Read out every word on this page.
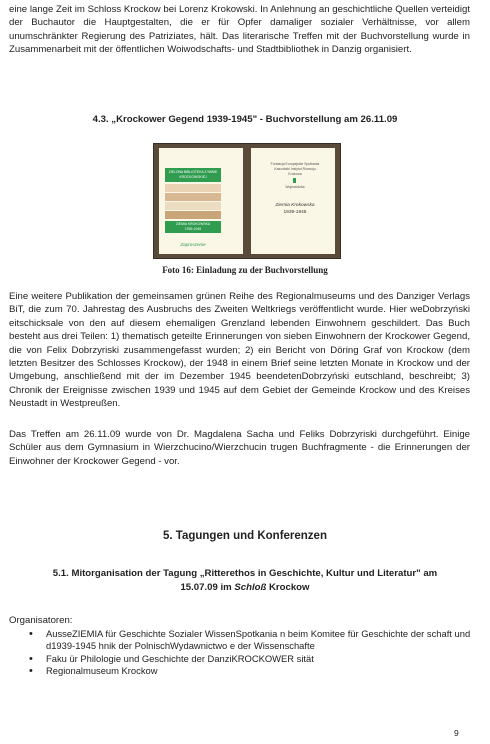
eine lange Zeit im Schloss Krockow bei Lorenz Krokowski. In Anlehnung an geschichtliche Quellen verteidigt der Buchautor die Hauptgestalten, die er für Opfer damaliger sozialer Verhältnisse, vor allem unumschränkter Regierung des Patriziates, hält. Das literarische Treffen mit der Buchvorstellung wurde in Zusammenarbeit mit der öffentlichen Woiwodschafts- und Stadtbibliothek in Danzig organisiert.

4.3. „Krockower Gegend 1939-1945" - Buchvorstellung am 26.11.09

ZIELONA BIBLIOTEKA Z NIWIE
KROCKOWSKIEJ
ZIEMIA KROKOWSKA
1939-1945
Zaproszenie
Fundacja Europejskie Spotkania
Kaszubski Instytut Rozwoju
Krokowa
Wojewódzka
Ziemia Krokowska
1939-1945

Foto 16: Einladung zu der Buchvorstellung

Eine weitere Publikation der gemeinsamen grünen Reihe des Regionalmuseums und des Danziger Verlags BiT, die zum 70. Jahrestag des Ausbruchs des Zweiten Weltkriegs veröffentlicht wurde. Hier weDobrzyński eitschicksale von den auf diesem ehemaligen Grenzland lebenden Einwohnern geschildert. Das Buch besteht aus drei Teilen: 1) thematisch geteilte Erinnerungen von sieben Einwohnern der Krockower Gegend, die von Felix Dobrzyriski zusammengefasst wurden; 2) ein Bericht von Döring Graf von Krockow (dem letzten Besitzer des Schlosses Krockow), der 1948 in einem Brief seine letzten Monate in Krockow und der Umgebung, anschließend mit der im Dezember 1945 beendetenDobrzyński eutschland, beschreibt; 3) Chronik der Ereignisse zwischen 1939 und 1945 auf dem Gebiet der Gemeinde Krockow und des Kreises Neustadt in Westpreußen.

Das Treffen am 26.11.09 wurde von Dr. Magdalena Sacha und Feliks Dobrzyriski durchgeführt. Einige Schüler aus dem Gymnasium in Wierzchucino/Wierzchucin trugen Buchfragmente - die Erinnerungen der Einwohner der Krockower Gegend - vor.

5. Tagungen und Konferenzen

5.1. Mitorganisation der Tagung „Ritterethos in Geschichte, Kultur und Literatur" am

15.07.09 im Schloß Krockow

Organisatoren:

• AusseZIEMIA für Geschichte Sozialer WissenSpotkania n beim Komitee für Geschichte der schaft und d1939-1945 hnik der PolnischWydawnictwo e der Wissenschafte
• Faku ür Philologie und Geschichte der DanziKROCKOWER sität
• Regionalmuseum Krockow
9
